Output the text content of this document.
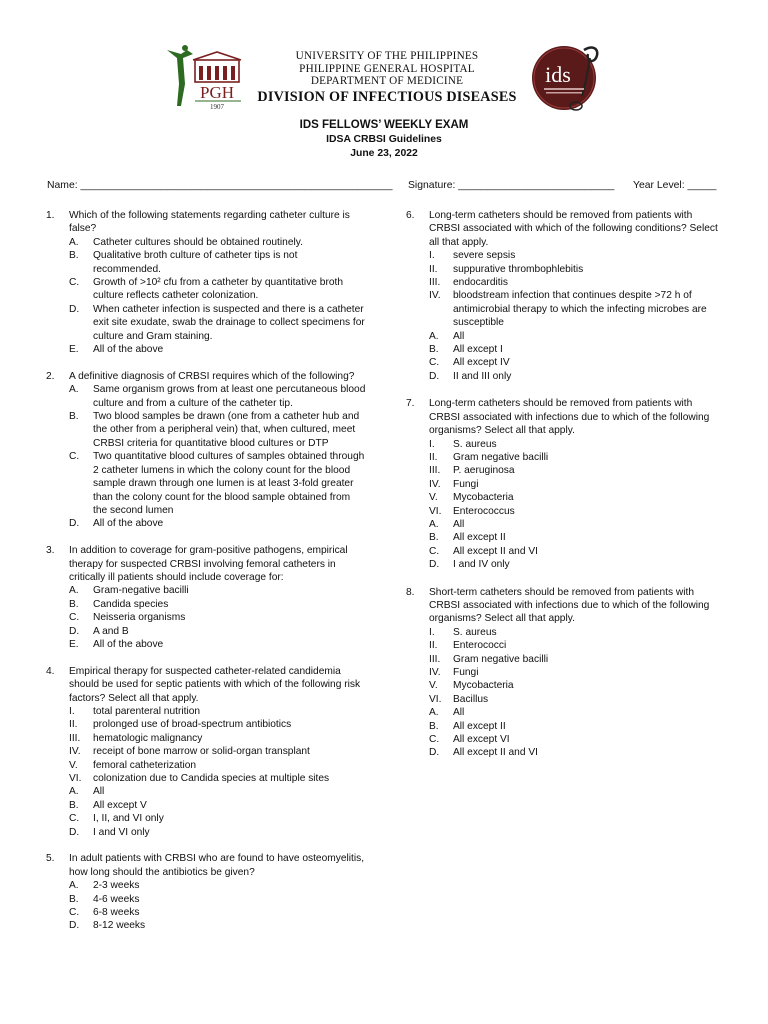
PGH
1907
UNIVERSITY OF THE PHILIPPINES
PHILIPPINE GENERAL HOSPITAL
DEPARTMENT OF MEDICINE
DIVISION OF INFECTIOUS DISEASES
ids
IDS FELLOWS’ WEEKLY EXAM
IDSA CRBSI Guidelines
June 23, 2022
Name: ______________________________________________________ Signature: ___________________________ Year Level: _____
1. Which of the following statements regarding catheter culture is false?
A. Catheter cultures should be obtained routinely.
B. Qualitative broth culture of catheter tips is not recommended.
C. Growth of >10² cfu from a catheter by quantitative broth culture reflects catheter colonization.
D. When catheter infection is suspected and there is a catheter exit site exudate, swab the drainage to collect specimens for culture and Gram staining.
E. All of the above
2. A definitive diagnosis of CRBSI requires which of the following?
A. Same organism grows from at least one percutaneous blood culture and from a culture of the catheter tip.
B. Two blood samples be drawn (one from a catheter hub and the other from a peripheral vein) that, when cultured, meet CRBSI criteria for quantitative blood cultures or DTP
C. Two quantitative blood cultures of samples obtained through 2 catheter lumens in which the colony count for the blood sample drawn through one lumen is at least 3-fold greater than the colony count for the blood sample obtained from the second lumen
D. All of the above
3. In addition to coverage for gram-positive pathogens, empirical therapy for suspected CRBSI involving femoral catheters in critically ill patients should include coverage for:
A. Gram-negative bacilli
B. Candida species
C. Neisseria organisms
D. A and B
E. All of the above
4. Empirical therapy for suspected catheter-related candidemia should be used for septic patients with which of the following risk factors? Select all that apply.
I. total parenteral nutrition
II. prolonged use of broad-spectrum antibiotics
III. hematologic malignancy
IV. receipt of bone marrow or solid-organ transplant
V. femoral catheterization
VI. colonization due to Candida species at multiple sites
A. All
B. All except V
C. I, II, and VI only
D. I and VI only
5. In adult patients with CRBSI who are found to have osteomyelitis, how long should the antibiotics be given?
A. 2-3 weeks
B. 4-6 weeks
C. 6-8 weeks
D. 8-12 weeks
6. Long-term catheters should be removed from patients with CRBSI associated with which of the following conditions? Select all that apply.
I. severe sepsis
II. suppurative thrombophlebitis
III. endocarditis
IV. bloodstream infection that continues despite >72 h of antimicrobial therapy to which the infecting microbes are susceptible
A. All
B. All except I
C. All except IV
D. II and III only
7. Long-term catheters should be removed from patients with CRBSI associated with infections due to which of the following organisms? Select all that apply.
I. S. aureus
II. Gram negative bacilli
III. P. aeruginosa
IV. Fungi
V. Mycobacteria
VI. Enterococcus
A. All
B. All except II
C. All except II and VI
D. I and IV only
8. Short-term catheters should be removed from patients with CRBSI associated with infections due to which of the following organisms? Select all that apply.
I. S. aureus
II. Enterococci
III. Gram negative bacilli
IV. Fungi
V. Mycobacteria
VI. Bacillus
A. All
B. All except II
C. All except VI
D. All except II and VI
